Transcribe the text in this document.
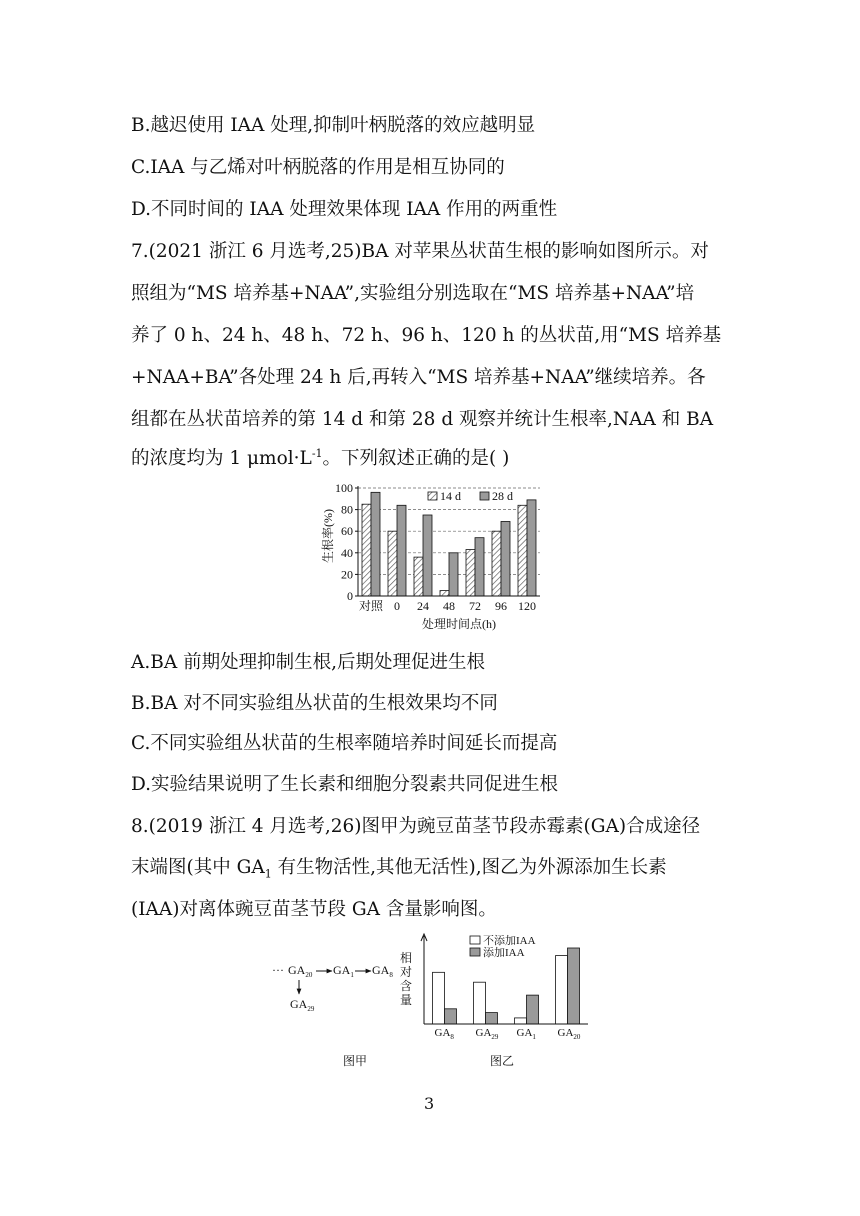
B.越迟使用 IAA 处理,抑制叶柄脱落的效应越明显
C.IAA 与乙烯对叶柄脱落的作用是相互协同的
D.不同时间的 IAA 处理效果体现 IAA 作用的两重性
7.(2021 浙江 6 月选考,25)BA 对苹果丛状苗生根的影响如图所示。对
照组为“MS 培养基+NAA”,实验组分别选取在“MS 培养基+NAA”培
养了 0 h、24 h、48 h、72 h、96 h、120 h 的丛状苗,用“MS 培养基
+NAA+BA”各处理 24 h 后,再转入“MS 培养基+NAA”继续培养。各
组都在丛状苗培养的第 14 d 和第 28 d 观察并统计生根率,NAA 和 BA
的浓度均为 1 $\mu mol\cdot L^{-1}$。下列叙述正确的是( )
0
20
40
60
80
100
对照 0 24 48 72 96 120
处理时间点(h)
生根率(%)
14 d	28 d
A.BA 前期处理抑制生根,后期处理促进生根
B.BA 对不同实验组丛状苗的生根效果均不同
C.不同实验组丛状苗的生根率随培养时间延长而提高
D.实验结果说明了生长素和细胞分裂素共同促进生根
8.(2019 浙江 4 月选考,26)图甲为豌豆苗茎节段赤霉素(GA)合成途径
末端图(其中 $GA_1$ 有生物活性,其他无活性),图乙为外源添加生长素
(IAA)对离体豌豆苗茎节段 GA 含量影响图。
··· $GA_{20}$ $GA_1$ $GA_8$
$GA_{29}$
$GA_8$ $GA_{29}$ $GA_1$ $GA_{20}$
相
对
含
量
不添加IAA
添加IAA
图甲	图乙
3
